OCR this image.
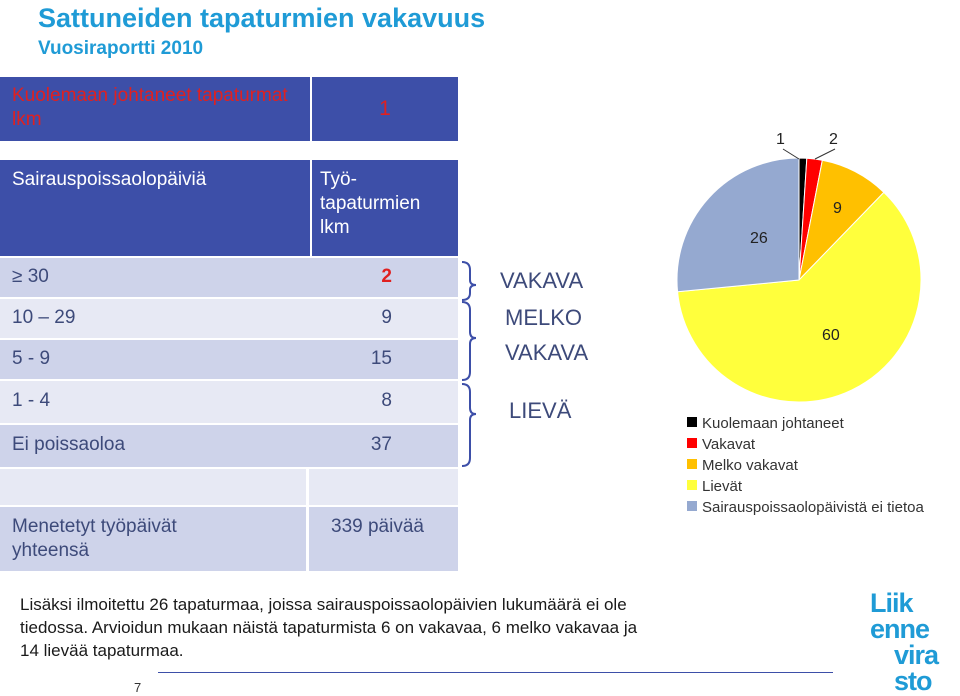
Sattuneiden tapaturmien vakavuus
Vuosiraportti 2010
Kuolemaan johtaneet tapaturmat lkm	1
Sairauspoissaolopäiviä	Työ-
tapaturmien
lkm
≥ 30	2
10 – 29	9
5 - 9	15
1 - 4	8
Ei poissaoloa	37
Menetetyt työpäivät
yhteensä
339 päivää
VAKAVA
MELKO
VAKAVA
LIEVÄ
1	2
9
60
26
Kuolemaan johtaneet
Vakavat
Melko vakavat
Lievät
Sairauspoissaolopäivistä ei tietoa
Lisäksi ilmoitettu 26 tapaturmaa, joissa sairauspoissaolopäivien lukumäärä ei ole
tiedossa. Arvioidun mukaan näistä tapaturmista 6 on vakavaa, 6 melko vakavaa ja
14 lievää tapaturmaa.
7
Liik
enne
vira
sto
